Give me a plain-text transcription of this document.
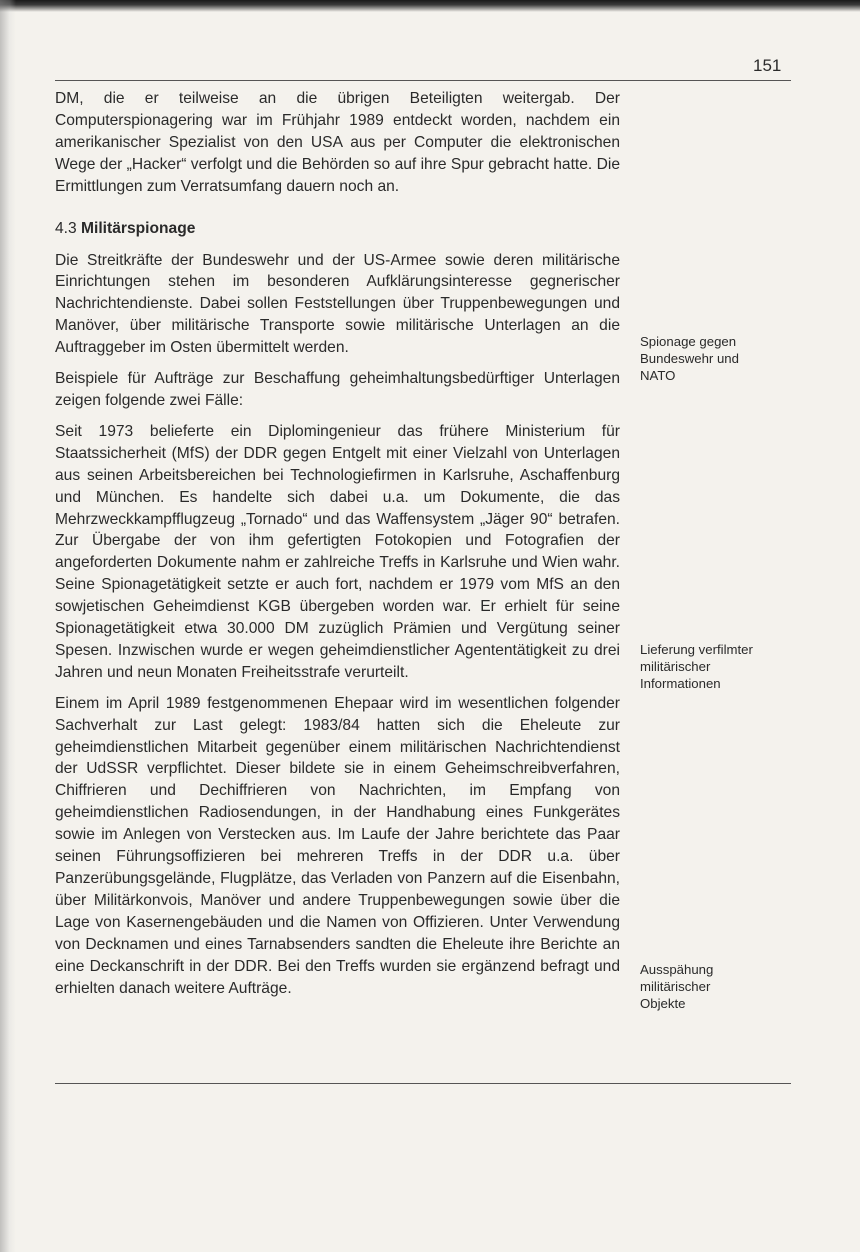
151

DM, die er teilweise an die übrigen Beteiligten weitergab. Der Computerspionagering war im Frühjahr 1989 entdeckt worden, nachdem ein amerikanischer Spezialist von den USA aus per Computer die elektronischen Wege der „Hacker“ verfolgt und die Behörden so auf ihre Spur gebracht hatte. Die Ermittlungen zum Verratsumfang dauern noch an.

4.3 Militärspionage

Die Streitkräfte der Bundeswehr und der US-Armee sowie deren militärische Einrichtungen stehen im besonderen Aufklärungsinteresse gegnerischer Nachrichtendienste. Dabei sollen Feststellungen über Truppenbewegungen und Manöver, über militärische Transporte sowie militärische Unterlagen an die Auftraggeber im Osten übermittelt werden.

Beispiele für Aufträge zur Beschaffung geheimhaltungsbedürftiger Unterlagen zeigen folgende zwei Fälle:

Seit 1973 belieferte ein Diplomingenieur das frühere Ministerium für Staatssicherheit (MfS) der DDR gegen Entgelt mit einer Vielzahl von Unterlagen aus seinen Arbeitsbereichen bei Technologiefirmen in Karlsruhe, Aschaffenburg und München. Es handelte sich dabei u.a. um Dokumente, die das Mehrzweckkampfflugzeug „Tornado“ und das Waffensystem „Jäger 90“ betrafen. Zur Übergabe der von ihm gefertigten Fotokopien und Fotografien der angeforderten Dokumente nahm er zahlreiche Treffs in Karlsruhe und Wien wahr. Seine Spionagetätigkeit setzte er auch fort, nachdem er 1979 vom MfS an den sowjetischen Geheimdienst KGB übergeben worden war. Er erhielt für seine Spionagetätigkeit etwa 30.000 DM zuzüglich Prämien und Vergütung seiner Spesen. Inzwischen wurde er wegen geheimdienstlicher Agententätigkeit zu drei Jahren und neun Monaten Freiheitsstrafe verurteilt.

Einem im April 1989 festgenommenen Ehepaar wird im wesentlichen folgender Sachverhalt zur Last gelegt: 1983/84 hatten sich die Eheleute zur geheimdienstlichen Mitarbeit gegenüber einem militärischen Nachrichtendienst der UdSSR verpflichtet. Dieser bildete sie in einem Geheimschreibverfahren, Chiffrieren und Dechiffrieren von Nachrichten, im Empfang von geheimdienstlichen Radiosendungen, in der Handhabung eines Funkgerätes sowie im Anlegen von Verstecken aus. Im Laufe der Jahre berichtete das Paar seinen Führungsoffizieren bei mehreren Treffs in der DDR u.a. über Panzerübungsgelände, Flugplätze, das Verladen von Panzern auf die Eisenbahn, über Militärkonvois, Manöver und andere Truppenbewegungen sowie über die Lage von Kasernengebäuden und die Namen von Offizieren. Unter Verwendung von Decknamen und eines Tarnabsenders sandten die Eheleute ihre Berichte an eine Deckanschrift in der DDR. Bei den Treffs wurden sie ergänzend befragt und erhielten danach weitere Aufträge.

Spionage gegen
Bundeswehr und
NATO
Lieferung verfilmter
militärischer
Informationen
Ausspähung
militärischer
Objekte
